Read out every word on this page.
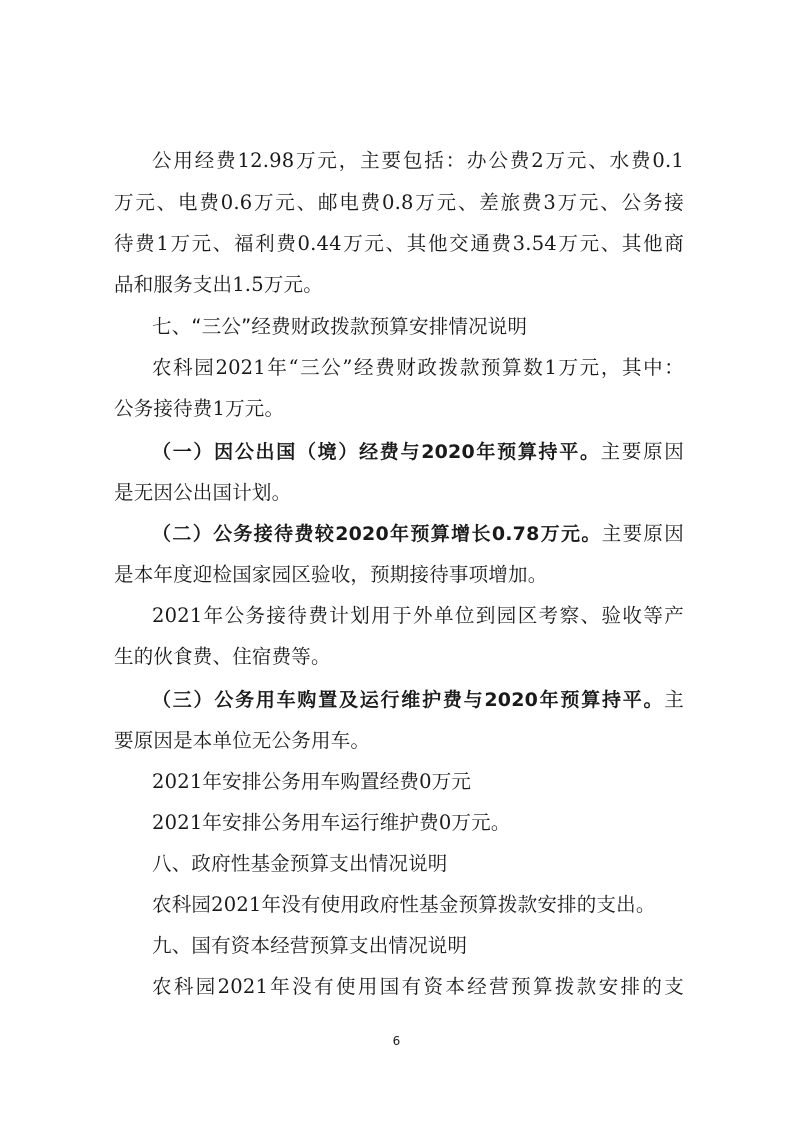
公用经费12.98万元，主要包括：办公费2万元、水费0.1
万元、电费0.6万元、邮电费0.8万元、差旅费3万元、公务接
待费1万元、福利费0.44万元、其他交通费3.54万元、其他商
品和服务支出1.5万元。
七、“三公”经费财政拨款预算安排情况说明
农科园2021年“三公”经费财政拨款预算数1万元，其中：
公务接待费1万元。
（一）因公出国（境）经费与2020年预算持平。主要原因
是无因公出国计划。
（二）公务接待费较2020年预算增长0.78万元。主要原因
是本年度迎检国家园区验收，预期接待事项增加。
2021年公务接待费计划用于外单位到园区考察、验收等产
生的伙食费、住宿费等。
（三）公务用车购置及运行维护费与2020年预算持平。主
要原因是本单位无公务用车。
2021年安排公务用车购置经费0万元
2021年安排公务用车运行维护费0万元。
八、政府性基金预算支出情况说明
农科园2021年没有使用政府性基金预算拨款安排的支出。
九、国有资本经营预算支出情况说明
农科园2021年没有使用国有资本经营预算拨款安排的支
6
